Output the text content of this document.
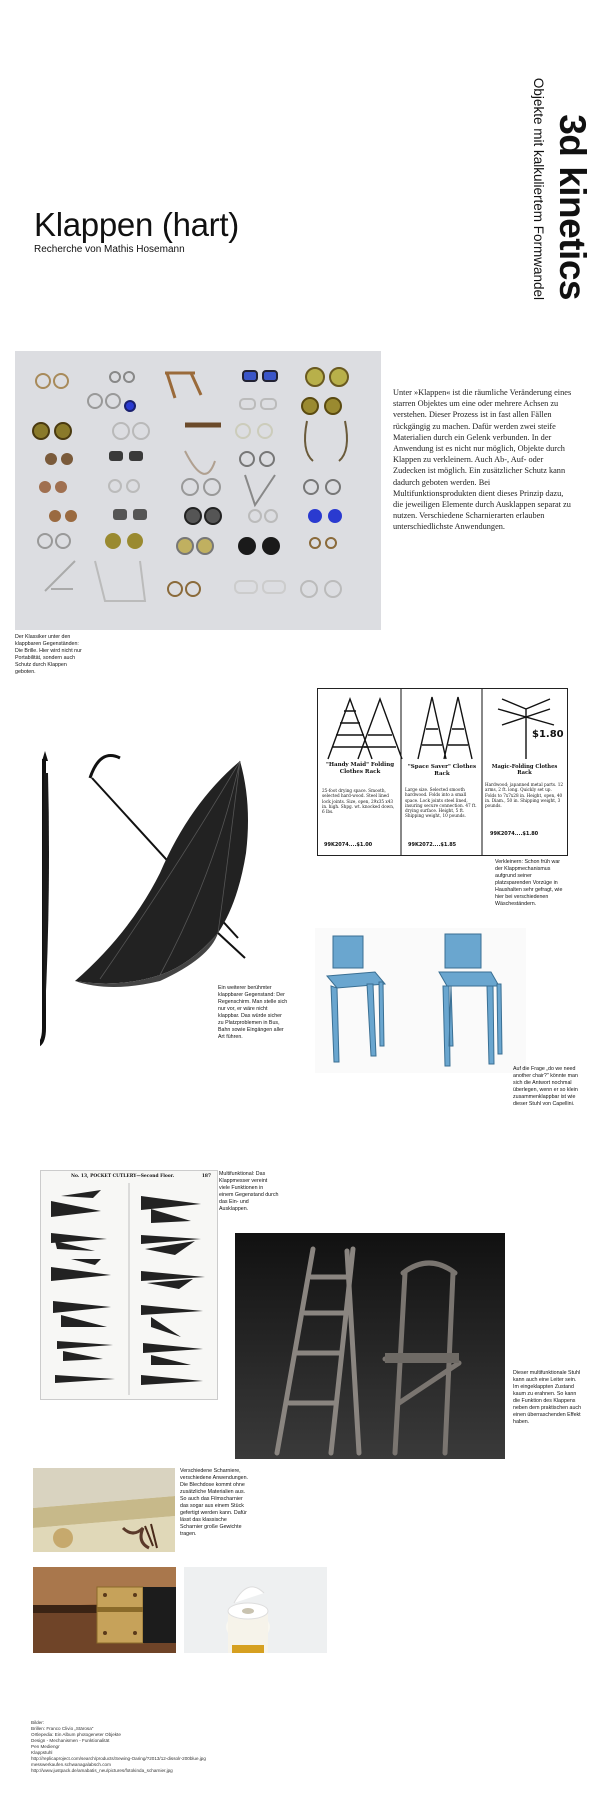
Klappen (hart)
Recherche von Mathis Hosemann	3d kinetics
Objekte mit kalkuliertem Formwandel
Der Klassiker unter den klappbaren Gegenständen: Die Brille. Hier wird nicht nur Portabilität, sondern auch Schutz durch Klappen geboten.
Unter »Klappen« ist die räumliche Veränderung eines starren Objektes um eine oder mehrere Achsen zu verstehen. Dieser Prozess ist in fast allen Fällen rückgängig zu machen. Dafür werden zwei steife Materialien durch ein Gelenk verbunden. In der Anwendung ist es nicht nur möglich, Objekte durch Klappen zu verkleinern. Auch Ab-, Auf- oder Zudecken ist möglich. Ein zusätzlicher Schutz kann dadurch geboten werden. Bei Multifunktionsprodukten dient dieses Prinzip dazu, die jeweiligen Elemente durch Ausklappen separat zu nutzen. Verschiedene Scharnierarten erlauben unterschiedlichste Anwendungen.
"Handy Maid" Folding Clothes Rack
25-foot drying space. Smooth, selected hard-wood. Steel lined lock joints. Size, open, 29x35 x43 in. high. Shpg. wt. knocked down, 6 lbs.
99K2074....$1.00
"Space Saver" Clothes Rack
Large size. Selected smooth hardwood. Folds into a small space. Lock joints steel lined, insuring secure connection. 47 ft. drying surface. Height, 5 ft. Shipping weight, 10 pounds.
99K2072....$1.85
$1.80
Magic-Folding Clothes Rack
Hardwood; japanned metal parts. 12 arms, 2 ft. long. Quickly set up. Folds to 7x7x28 in. Height, open, 40 in. Diam., 50 in. Shipping weight, 3 pounds.
99K2074....$1.80
Verkleinern: Schon früh war der Klappmechanismus aufgrund seiner platzsparenden Vorzüge in Haushalten sehr gefragt, wie hier bei verschiedenen Wäscheständern.
Ein weiterer berühmter klappbarer Gegenstand: Der Regenschirm. Man stelle sich nur vor, er wäre nicht klappbar. Das würde sicher zu Platzproblemen in Bus, Bahn sowie Eingängen aller Art führen.
Auf die Frage „do we need another chair?" könnte man sich die Antwort nochmal überlegen, wenn er so klein zusammenklappbar ist wie dieser Stuhl von Capellini.
No. 13, POCKET CUTLERY—Second Floor.	187 Multifunktional: Das Klappmesser vereint viele Funktionen in einem Gegenstand durch das Ein- und Ausklappen.
Dieser multifunktionale Stuhl kann auch eine Leiter sein. Im eingeklappten Zustand kaum zu erahnen. So kann die Funktion des Klappens neben dem praktischen auch einen überraschenden Effekt haben.
Verschiedene Scharniere, verschiedene Anwendungen. Die Blechdose kommt ohne zusätzliche Materialien aus. So auch das Filmscharnier das sogar aus einem Stück gefertigt werden kann. Dafür lässt das klassische Scharnier große Gewichte tragen.
Bilder:
Brillen: Franco Clivio „Stärosa"
Ortlepedia: Ein Album photogeneter Objekte
Design - Mechanismen - Funktionalität
Pen Mediengr
Klappstuhl
http://replicaproject.com/search/products/Sewing-Oaring/?2013/12-dissolr-200blue.jpg
messwerkaufen.schwanagalabsch.com
http://www.justpack.de/amabatis_neu/pictures/fotokinda_scharnier.jpg
